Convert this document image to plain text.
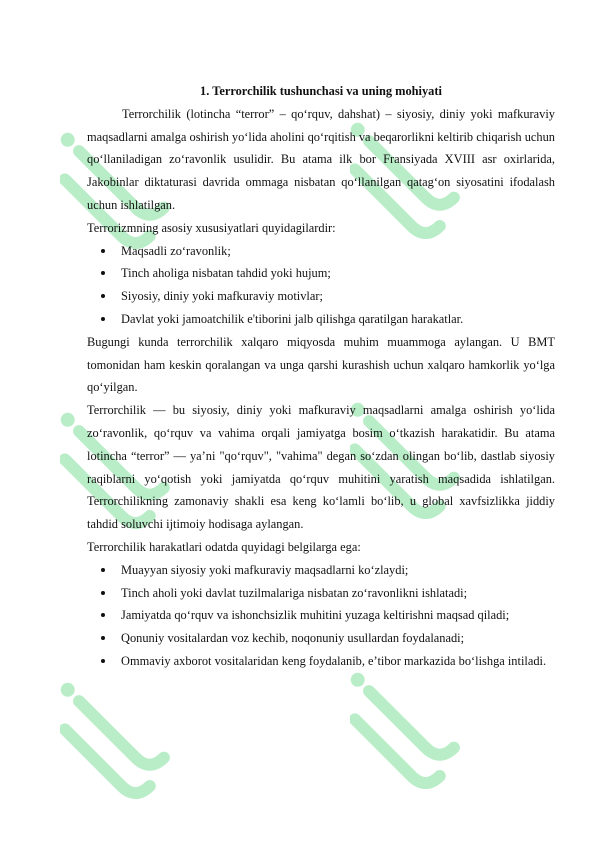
1. Terrorchilik tushunchasi va uning mohiyati

Terrorchilik (lotincha “terror” – qo‘rquv, dahshat) – siyosiy, diniy yoki mafkuraviy maqsadlarni amalga oshirish yo‘lida aholini qo‘rqitish va beqarorlikni keltirib chiqarish uchun qo‘llaniladigan zo‘ravonlik usulidir. Bu atama ilk bor Fransiyada XVIII asr oxirlarida, Jakobinlar diktaturasi davrida ommaga nisbatan qo‘llanilgan qatag‘on siyosatini ifodalash uchun ishlatilgan.

Terrorizmning asosiy xususiyatlari quyidagilardir:

Maqsadli zo‘ravonlik;
Tinch aholiga nisbatan tahdid yoki hujum;
Siyosiy, diniy yoki mafkuraviy motivlar;
Davlat yoki jamoatchilik e'tiborini jalb qilishga qaratilgan harakatlar.

Bugungi kunda terrorchilik xalqaro miqyosda muhim muammoga aylangan. U BMT tomonidan ham keskin qoralangan va unga qarshi kurashish uchun xalqaro hamkorlik yo‘lga qo‘yilgan.

Terrorchilik — bu siyosiy, diniy yoki mafkuraviy maqsadlarni amalga oshirish yo‘lida zo‘ravonlik, qo‘rquv va vahima orqali jamiyatga bosim o‘tkazish harakatidir. Bu atama lotincha “terror” — ya’ni "qo‘rquv", "vahima" degan so‘zdan olingan bo‘lib, dastlab siyosiy raqiblarni yo‘qotish yoki jamiyatda qo‘rquv muhitini yaratish maqsadida ishlatilgan. Terrorchilikning zamonaviy shakli esa keng ko‘lamli bo‘lib, u global xavfsizlikka jiddiy tahdid soluvchi ijtimoiy hodisaga aylangan.

Terrorchilik harakatlari odatda quyidagi belgilarga ega:

Muayyan siyosiy yoki mafkuraviy maqsadlarni ko‘zlaydi;
Tinch aholi yoki davlat tuzilmalariga nisbatan zo‘ravonlikni ishlatadi;
Jamiyatda qo‘rquv va ishonchsizlik muhitini yuzaga keltirishni maqsad qiladi;
Qonuniy vositalardan voz kechib, noqonuniy usullardan foydalanadi;
Ommaviy axborot vositalaridan keng foydalanib, e’tibor markazida bo‘lishga intiladi.
